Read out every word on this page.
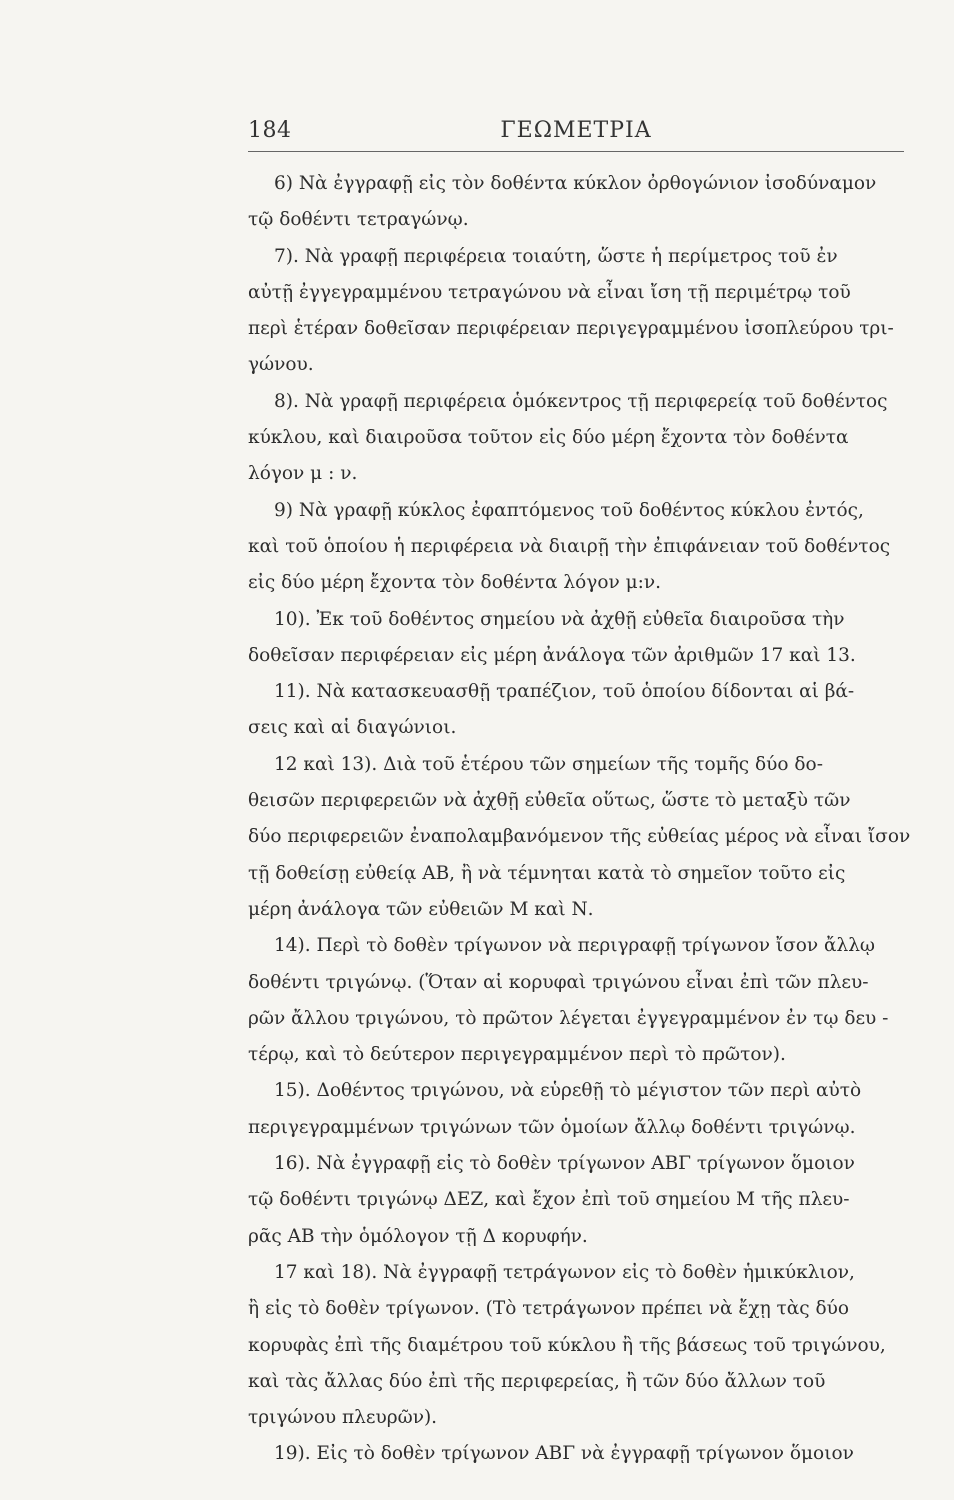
184	ΓΕΩΜΕΤΡΙΑ
6) Νὰ ἐγγραφῇ εἰς τὸν δοθέντα κύκλον ὀρθογώνιον ἰσοδύναμον
τῷ δοθέντι τετραγώνῳ.
7). Νὰ γραφῇ περιφέρεια τοιαύτη, ὥστε ἡ περίμετρος τοῦ ἐν
αὐτῇ ἐγγεγραμμένου τετραγώνου νὰ εἶναι ἴση τῇ περιμέτρῳ τοῦ
περὶ ἑτέραν δοθεῖσαν περιφέρειαν περιγεγραμμένου ἰσοπλεύρου τρι-
γώνου.
8). Νὰ γραφῇ περιφέρεια ὁμόκεντρος τῇ περιφερείᾳ τοῦ δοθέντος
κύκλου, καὶ διαιροῦσα τοῦτον εἰς δύο μέρη ἔχοντα τὸν δοθέντα
λόγον μ : ν.
9) Νὰ γραφῇ κύκλος ἐφαπτόμενος τοῦ δοθέντος κύκλου ἐντός,
καὶ τοῦ ὁποίου ἡ περιφέρεια νὰ διαιρῇ τὴν ἐπιφάνειαν τοῦ δοθέντος
εἰς δύο μέρη ἔχοντα τὸν δοθέντα λόγον μ:ν.
10). Ἐκ τοῦ δοθέντος σημείου νὰ ἀχθῇ εὐθεῖα διαιροῦσα τὴν
δοθεῖσαν περιφέρειαν εἰς μέρη ἀνάλογα τῶν ἀριθμῶν 17 καὶ 13.
11). Νὰ κατασκευασθῇ τραπέζιον, τοῦ ὁποίου δίδονται αἱ βά-
σεις καὶ αἱ διαγώνιοι.
12 καὶ 13). Διὰ τοῦ ἑτέρου τῶν σημείων τῆς τομῆς δύο δο-
θεισῶν περιφερειῶν νὰ ἀχθῇ εὐθεῖα οὕτως, ὥστε τὸ μεταξὺ τῶν
δύο περιφερειῶν ἐναπολαμβανόμενον τῆς εὐθείας μέρος νὰ εἶναι ἴσον
τῇ δοθείσῃ εὐθείᾳ ΑΒ, ἢ νὰ τέμνηται κατὰ τὸ σημεῖον τοῦτο εἰς
μέρη ἀνάλογα τῶν εὐθειῶν Μ καὶ Ν.
14). Περὶ τὸ δοθὲν τρίγωνον νὰ περιγραφῇ τρίγωνον ἴσον ἄλλῳ
δοθέντι τριγώνῳ. (Ὅταν αἱ κορυφαὶ τριγώνου εἶναι ἐπὶ τῶν πλευ-
ρῶν ἄλλου τριγώνου, τὸ πρῶτον λέγεται ἐγγεγραμμένον ἐν τῳ δευ -
τέρῳ, καὶ τὸ δεύτερον περιγεγραμμένον περὶ τὸ πρῶτον).
15). Δοθέντος τριγώνου, νὰ εὑρεθῇ τὸ μέγιστον τῶν περὶ αὐτὸ
περιγεγραμμένων τριγώνων τῶν ὁμοίων ἄλλῳ δοθέντι τριγώνῳ.
16). Νὰ ἐγγραφῇ εἰς τὸ δοθὲν τρίγωνον ΑΒΓ τρίγωνον ὅμοιον
τῷ δοθέντι τριγώνῳ ΔΕΖ, καὶ ἔχον ἐπὶ τοῦ σημείου Μ τῆς πλευ-
ρᾶς ΑΒ τὴν ὁμόλογον τῇ Δ κορυφήν.
17 καὶ 18). Νὰ ἐγγραφῇ τετράγωνον εἰς τὸ δοθὲν ἡμικύκλιον,
ἢ εἰς τὸ δοθὲν τρίγωνον. (Τὸ τετράγωνον πρέπει νὰ ἔχῃ τὰς δύο
κορυφὰς ἐπὶ τῆς διαμέτρου τοῦ κύκλου ἢ τῆς βάσεως τοῦ τριγώνου,
καὶ τὰς ἄλλας δύο ἐπὶ τῆς περιφερείας, ἢ τῶν δύο ἄλλων τοῦ
τριγώνου πλευρῶν).
19). Εἰς τὸ δοθὲν τρίγωνον ΑΒΓ νὰ ἐγγραφῇ τρίγωνον ὅμοιον
